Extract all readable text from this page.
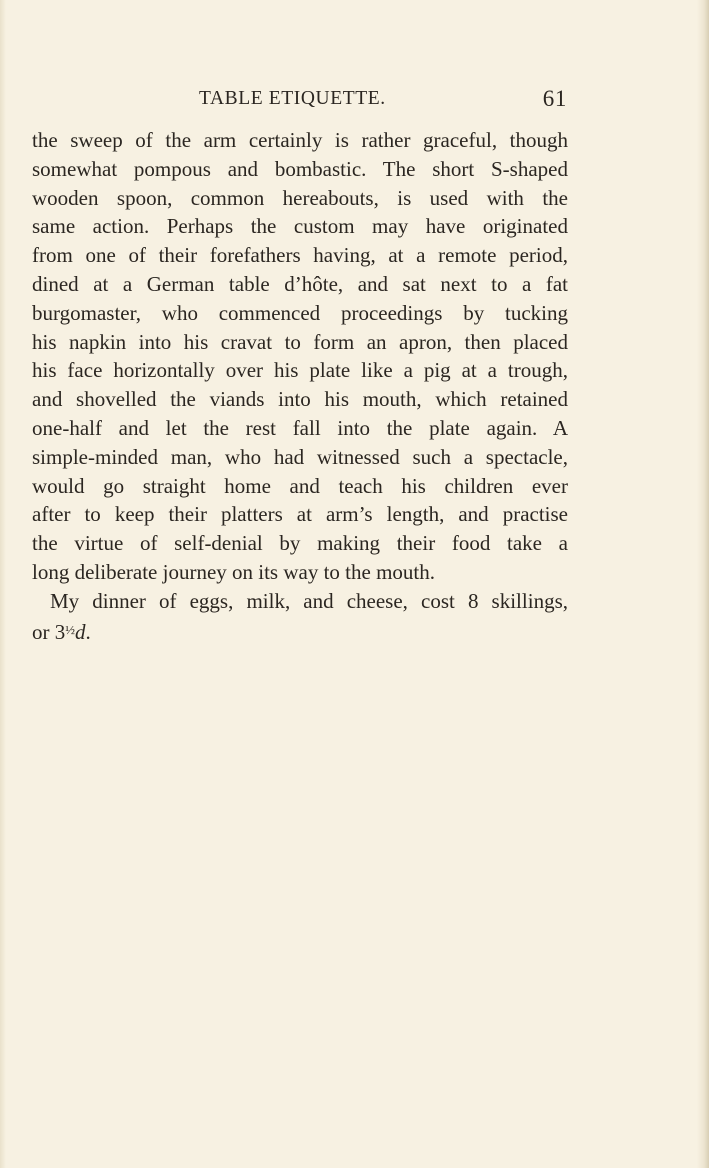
TABLE ETIQUETTE.	61

the sweep of the arm certainly is rather graceful, though

somewhat pompous and bombastic. The short S-shaped

wooden spoon, common hereabouts, is used with the

same action. Perhaps the custom may have originated

from one of their forefathers having, at a remote period,

dined at a German table d’hôte, and sat next to a fat

burgomaster, who commenced proceedings by tucking

his napkin into his cravat to form an apron, then placed

his face horizontally over his plate like a pig at a trough,

and shovelled the viands into his mouth, which retained

one-half and let the rest fall into the plate again. A

simple-minded man, who had witnessed such a spectacle,

would go straight home and teach his children ever

after to keep their platters at arm’s length, and practise

the virtue of self-denial by making their food take a

long deliberate journey on its way to the mouth.

My dinner of eggs, milk, and cheese, cost 8 skillings,

or $3^{\frac{1}{2}}d$.
